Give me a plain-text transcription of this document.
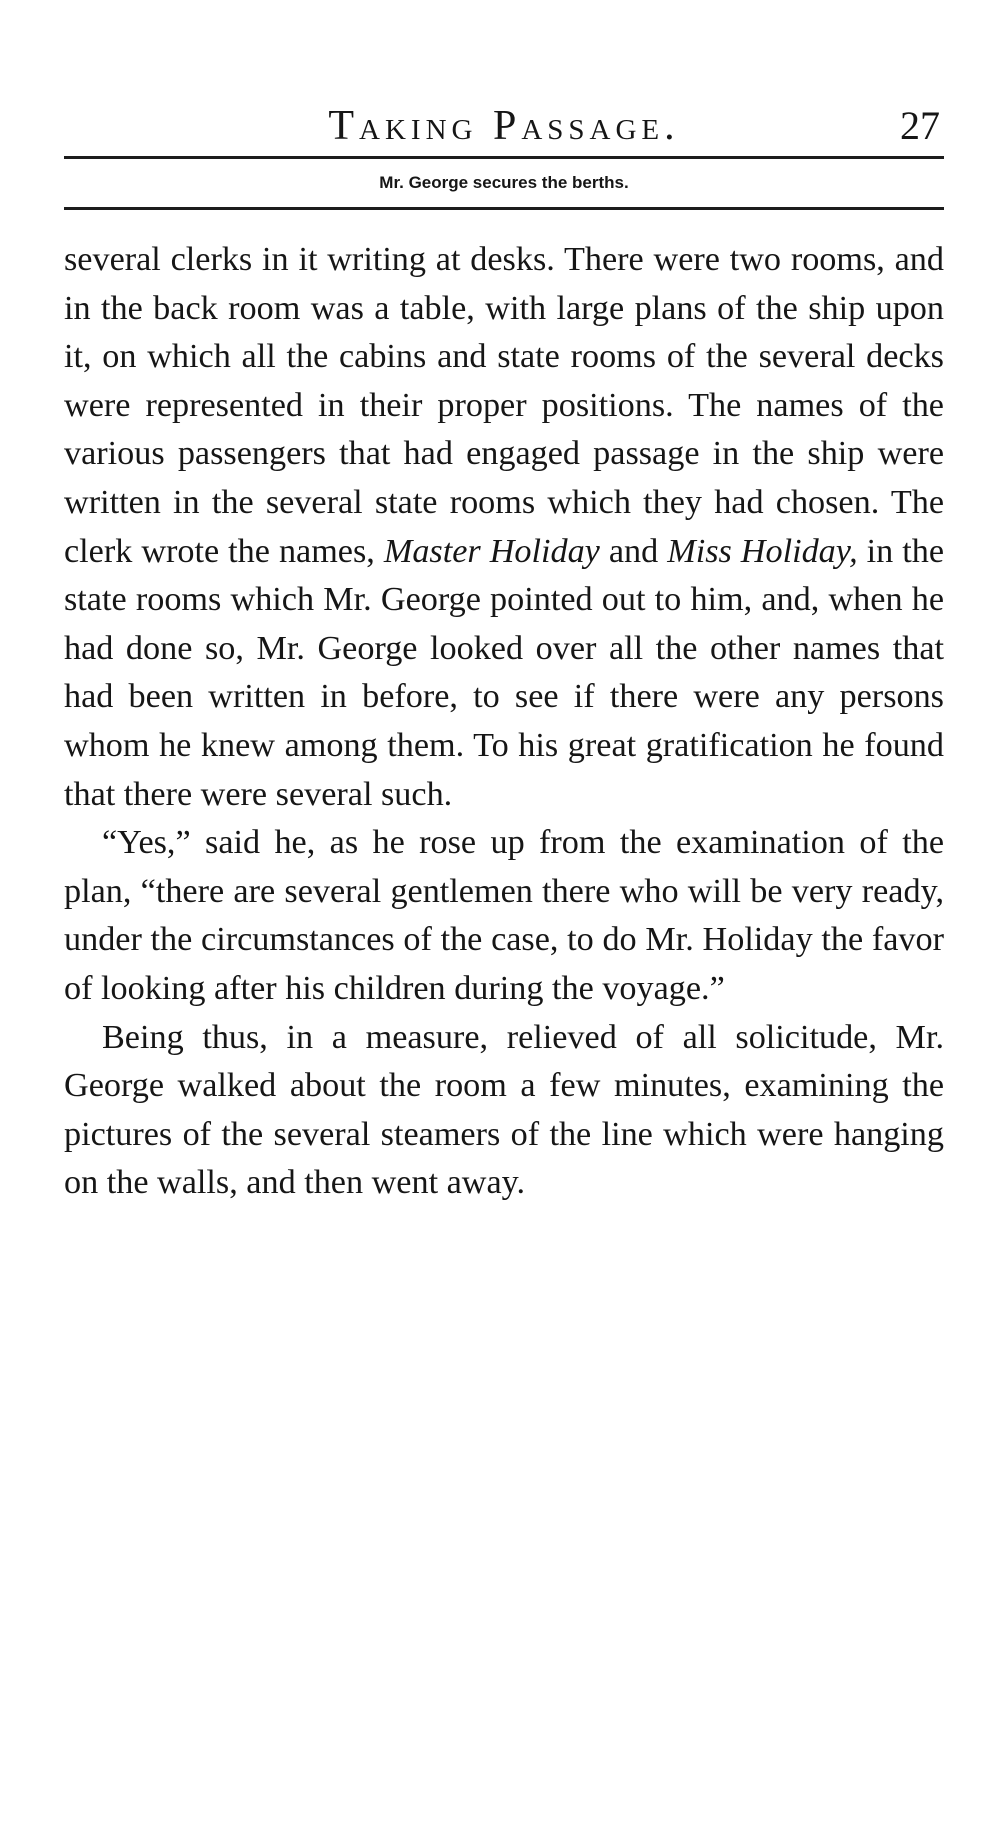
Taking Passage.	27
Mr. George secures the berths.

several clerks in it writing at desks. There were two rooms, and in the back room was a table, with large plans of the ship upon it, on which all the cabins and state rooms of the several decks were represented in their proper positions. The names of the various passengers that had engaged passage in the ship were written in the several state rooms which they had chosen. The clerk wrote the names, Master Holiday and Miss Holiday, in the state rooms which Mr. George pointed out to him, and, when he had done so, Mr. George looked over all the other names that had been written in before, to see if there were any persons whom he knew among them. To his great gratification he found that there were several such.

“Yes,” said he, as he rose up from the examination of the plan, “there are several gentlemen there who will be very ready, under the circumstances of the case, to do Mr. Holiday the favor of looking after his children during the voyage.”

Being thus, in a measure, relieved of all solicitude, Mr. George walked about the room a few minutes, examining the pictures of the several steamers of the line which were hanging on the walls, and then went away.
